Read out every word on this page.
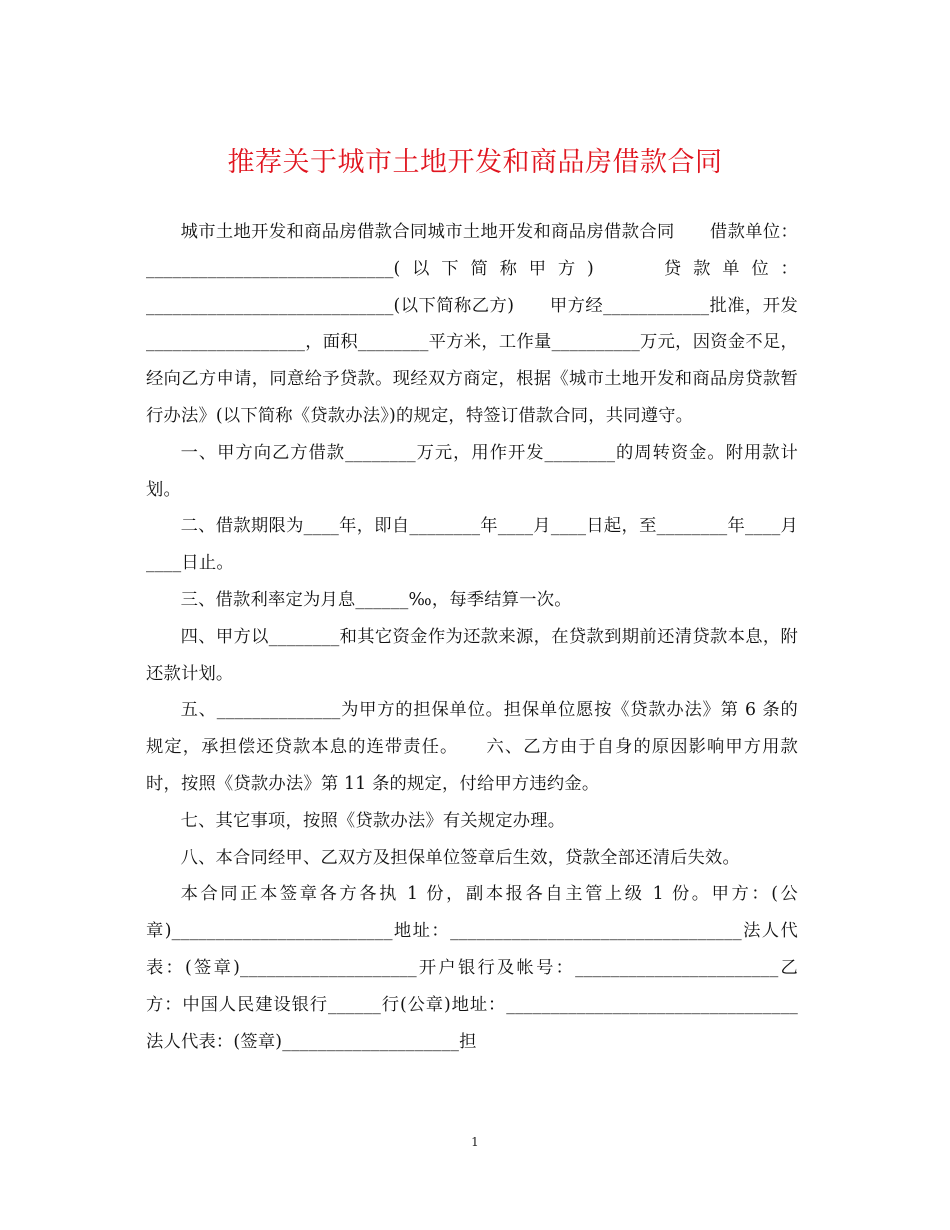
推荐关于城市土地开发和商品房借款合同

城市土地开发和商品房借款合同城市土地开发和商品房借款合同　　借款单位：____________________________(以下简称甲方)　　贷款单位：____________________________(以下简称乙方)　　甲方经____________批准，开发__________________，面积________平方米，工作量__________万元，因资金不足，经向乙方申请，同意给予贷款。现经双方商定，根据《城市土地开发和商品房贷款暂行办法》(以下简称《贷款办法》)的规定，特签订借款合同，共同遵守。

一、甲方向乙方借款________万元，用作开发________的周转资金。附用款计划。

二、借款期限为____年，即自________年____月____日起，至________年____月____日止。

三、借款利率定为月息______‰，每季结算一次。

四、甲方以________和其它资金作为还款来源，在贷款到期前还清贷款本息，附还款计划。

五、______________为甲方的担保单位。担保单位愿按《贷款办法》第 6 条的规定，承担偿还贷款本息的连带责任。　　六、乙方由于自身的原因影响甲方用款时，按照《贷款办法》第 11 条的规定，付给甲方违约金。

七、其它事项，按照《贷款办法》有关规定办理。

八、本合同经甲、乙双方及担保单位签章后生效，贷款全部还清后失效。

本合同正本签章各方各执 1 份，副本报各自主管上级 1 份。甲方：(公章)_________________________地址：_________________________________法人代表：(签章)____________________开户银行及帐号：_______________________乙方：中国人民建设银行______行(公章)地址：_________________________________法人代表：(签章)____________________担

1
